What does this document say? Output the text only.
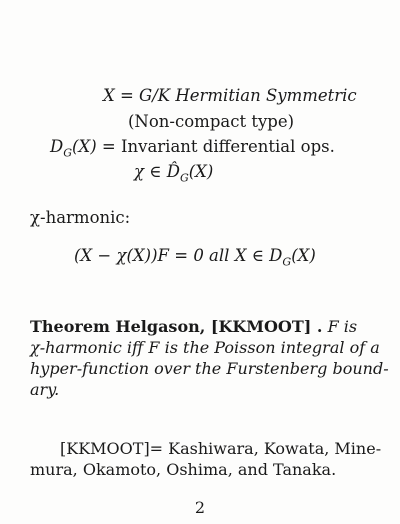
X = G/K Hermitian Symmetric
(Non-compact type)
$D_G(X)$ = Invariant differential ops.
χ ∈ $D̂_G(X)$
χ-harmonic:
(X − χ(X))F = 0 all X ∈ $D_G(X)$
Theorem Helgason, [KKMOOT] . F is
χ-harmonic iff F is the Poisson integral of a
hyper-function over the Furstenberg bound-
ary.
[KKMOOT]= Kashiwara, Kowata, Mine-
mura, Okamoto, Oshima, and Tanaka.
2
